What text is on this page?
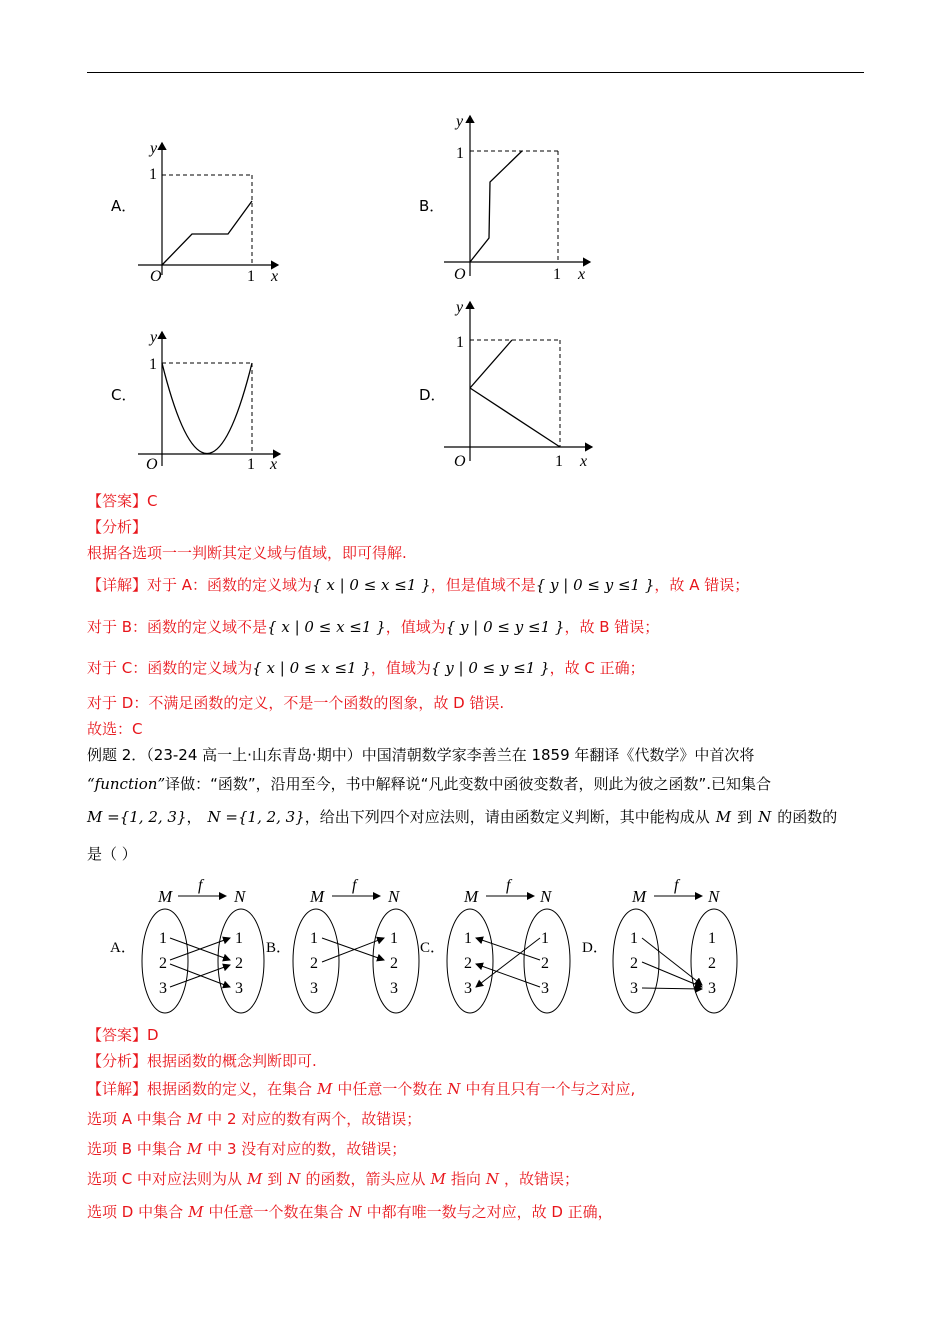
A．	B．
C．	D．
O	1 x
1
y
O	1 x
1
y
O	1 x
1
y
O	1 x
1
y
【答案】C
【分析】
根据各选项一一判断其定义域与值域，即可得解.
【详解】对于 A：函数的定义域为{ x | 0 ≤ x ≤1 }，但是值域不是{ y | 0 ≤ y ≤1 }，故 A 错误；
对于 B：函数的定义域不是{ x | 0 ≤ x ≤1 }，值域为{ y | 0 ≤ y ≤1 }，故 B 错误；
对于 C：函数的定义域为{ x | 0 ≤ x ≤1 }，值域为{ y | 0 ≤ y ≤1 }，故 C 正确；
对于 D：不满足函数的定义，不是一个函数的图象，故 D 错误.
故选：C
例题 2．（23-24 高一上·山东青岛·期中）中国清朝数学家李善兰在 1859 年翻译《代数学》中首次将
“function”译做：“函数”，沿用至今，书中解释说“凡此变数中函彼变数者，则此为彼之函数”.已知集合
M ={1, 2, 3}， N ={1, 2, 3}，给出下列四个对应法则，请由函数定义判断，其中能构成从 M 到 N 的函数的
是（ ）
A．
M	N
f
1
2
3
1
2
3
B．
M	N
f
1
2
3
1
2
3
C．
M	N
f
1
2
3
1
2
3
D．
M	N
f
1
2
3
1
2
3
【答案】D
【分析】根据函数的概念判断即可.
【详解】根据函数的定义，在集合 M 中任意一个数在 N 中有且只有一个与之对应,
选项 A 中集合 M 中 2 对应的数有两个，故错误；
选项 B 中集合 M 中 3 没有对应的数，故错误；
选项 C 中对应法则为从 M 到 N 的函数，箭头应从 M 指向 N ，故错误；
选项 D 中集合 M 中任意一个数在集合 N 中都有唯一数与之对应，故 D 正确，
